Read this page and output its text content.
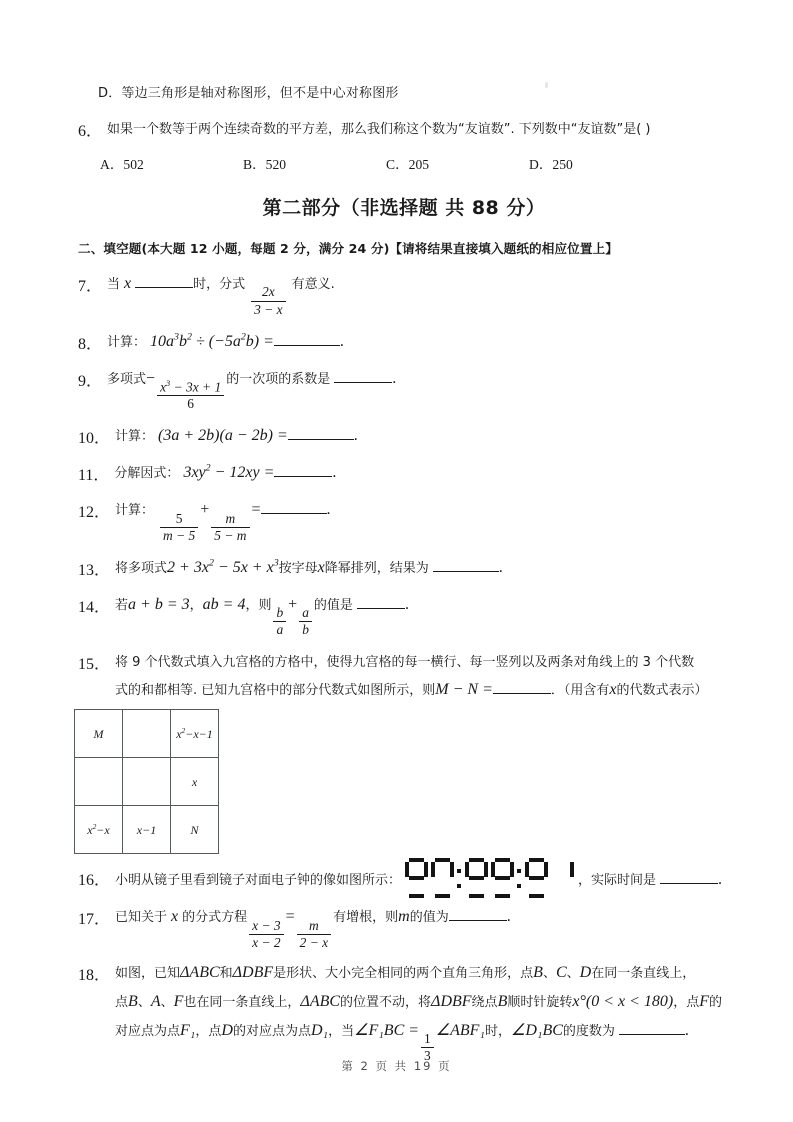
D．等边三角形是轴对称图形，但不是中心对称图形
6． 如果一个数等于两个连续奇数的平方差，那么我们称这个数为“友谊数”. 下列数中“友谊数”是( )
A．502	B．520	C．205	D．250
第二部分（非选择题 共 88 分）
二、填空题(本大题 12 小题，每题 2 分，满分 24 分)【请将结果直接填入题纸的相应位置上】
7． 当 x	时，分式
$\frac{2x}{3 - x}$
有意义.
8． 计算： $10a^3b^2 \div (-5a^2b)$ =	.
9． 多项式−
$\frac{x^3 - 3x + 1}{6}$
的一次项的系数是	.
10． 计算： (3a + 2b)(a − 2b) =	.
11． 分解因式： $3xy^2 - 12xy$ =	.
12． 计算：
$\frac{5}{m - 5}$
+
$\frac{m}{5 - m}$
=	.
13． 将多项式$2 + 3x^2 - 5x + x^3$按字母x降幂排列，结果为	.
14． 若a + b = 3，ab = 4，则
$\frac{b}{a}$
+
$\frac{a}{b}$
的值是	.
15． 将 9 个代数式填入九宫格的方格中，使得九宫格的每一横行、每一竖列以及两条对角线上的 3 个代数
式的和都相等. 已知九宫格中的部分代数式如图所示，则M − N =	．（用含有x的代数式表示）
M		$x^2-x-1$
		x
$x^2-x$	x−1	N
16． 小明从镜子里看到镜子对面电子钟的像如图所示：	，实际时间是	.
17． 已知关于 x 的分式方程
$\frac{x - 3}{x - 2}$
=
$\frac{m}{2 - x}$
有增根，则m的值为	.
18． 如图，已知ΔABC和ΔDBF是形状、大小完全相同的两个直角三角形，点B、C、D在同一条直线上，
点B、A、F也在同一条直线上，ΔABC的位置不动，将ΔDBF绕点B顺时针旋转x°(0 < x < 180)，点F的
对应点为点F₁，点D的对应点为点D₁，当∠F₁BC =
$\frac{1}{3}$
∠ABF₁时，∠D₁BC的度数为	.
第 2 页 共 19 页
